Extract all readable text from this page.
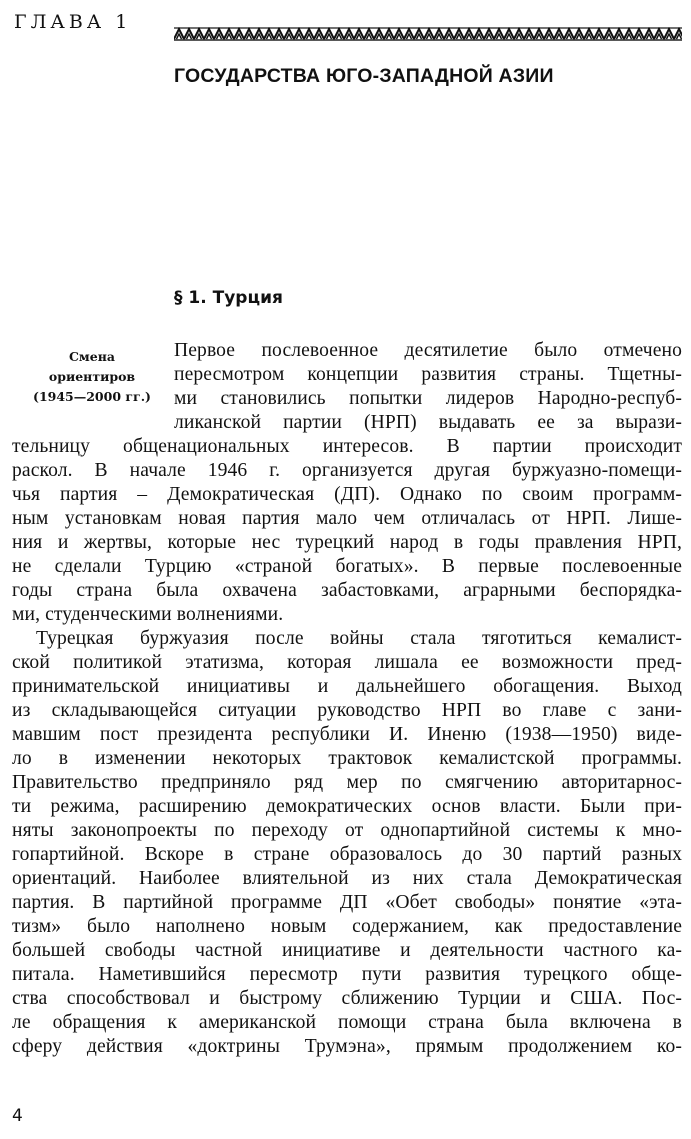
ГЛАВА 1
ГОСУДАРСТВА ЮГО-ЗАПАДНОЙ АЗИИ
§ 1. Турция
Смена
ориентиров
(1945—2000 гг.)
Первое послевоенное десятилетие было отмечено
пересмотром концепции развития страны. Тщетны-
ми становились попытки лидеров Народно-респуб-
ликанской партии (НРП) выдавать ее за вырази-
тельницу общенациональных интересов. В партии происходит
раскол. В начале 1946 г. организуется другая буржуазно-помещи-
чья партия – Демократическая (ДП). Однако по своим программ-
ным установкам новая партия мало чем отличалась от НРП. Лише-
ния и жертвы, которые нес турецкий народ в годы правления НРП,
не сделали Турцию «страной богатых». В первые послевоенные
годы страна была охвачена забастовками, аграрными беспорядка-
ми, студенческими волнениями.
Турецкая буржуазия после войны стала тяготиться кемалист-
ской политикой этатизма, которая лишала ее возможности пред-
принимательской инициативы и дальнейшего обогащения. Выход
из складывающейся ситуации руководство НРП во главе с зани-
мавшим пост президента республики И. Иненю (1938—1950) виде-
ло в изменении некоторых трактовок кемалистской программы.
Правительство предприняло ряд мер по смягчению авторитарнос-
ти режима, расширению демократических основ власти. Были при-
няты законопроекты по переходу от однопартийной системы к мно-
гопартийной. Вскоре в стране образовалось до 30 партий разных
ориентаций. Наиболее влиятельной из них стала Демократическая
партия. В партийной программе ДП «Обет свободы» понятие «эта-
тизм» было наполнено новым содержанием, как предоставление
большей свободы частной инициативе и деятельности частного ка-
питала. Наметившийся пересмотр пути развития турецкого обще-
ства способствовал и быстрому сближению Турции и США. Пос-
ле обращения к американской помощи страна была включена в
сферу действия «доктрины Трумэна», прямым продолжением ко-
4
